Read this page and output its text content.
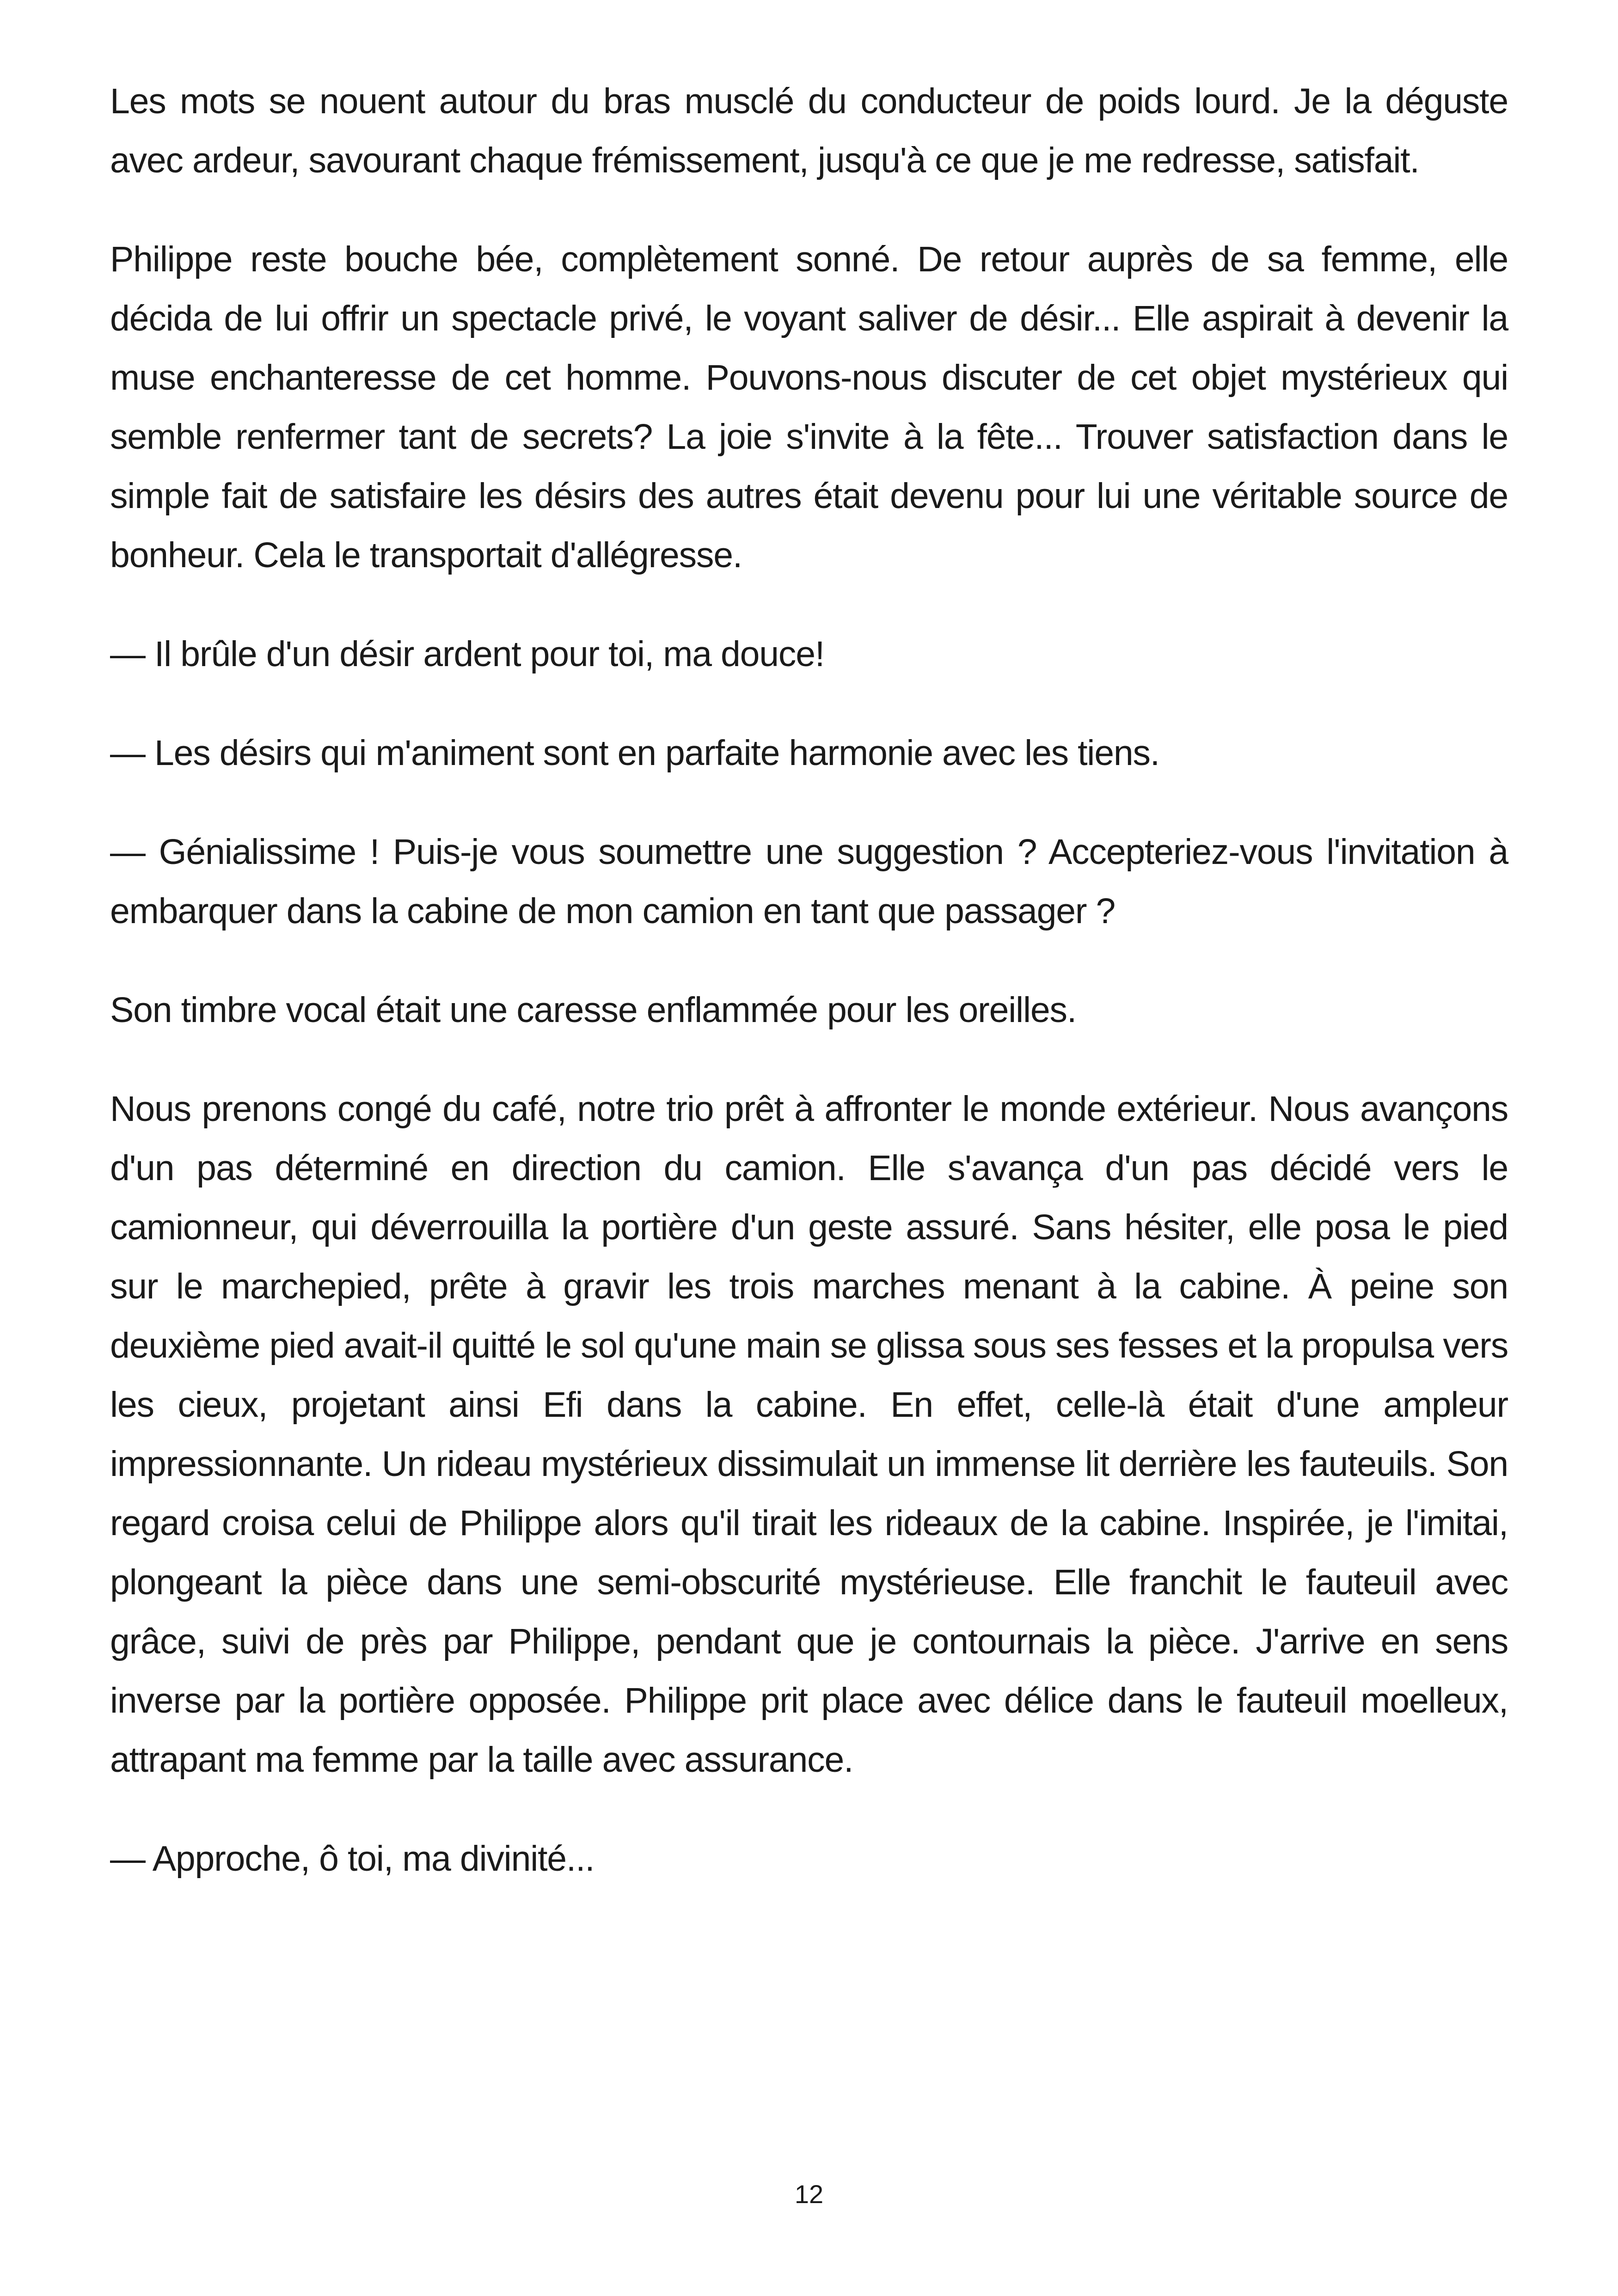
Les mots se nouent autour du bras musclé du conducteur de poids lourd. Je la déguste avec ardeur, savourant chaque frémissement, jusqu'à ce que je me redresse, satisfait.

Philippe reste bouche bée, complètement sonné. De retour auprès de sa femme, elle décida de lui offrir un spectacle privé, le voyant saliver de désir... Elle aspirait à devenir la muse enchanteresse de cet homme. Pouvons-nous discuter de cet objet mystérieux qui semble renfermer tant de secrets? La joie s'invite à la fête... Trouver satisfaction dans le simple fait de satisfaire les désirs des autres était devenu pour lui une véritable source de bonheur. Cela le transportait d'allégresse.

— Il brûle d'un désir ardent pour toi, ma douce!

— Les désirs qui m'animent sont en parfaite harmonie avec les tiens.

— Génialissime ! Puis-je vous soumettre une suggestion ? Accepteriez-vous l'invitation à embarquer dans la cabine de mon camion en tant que passager ?

Son timbre vocal était une caresse enflammée pour les oreilles.

Nous prenons congé du café, notre trio prêt à affronter le monde extérieur. Nous avançons d'un pas déterminé en direction du camion. Elle s'avança d'un pas décidé vers le camionneur, qui déverrouilla la portière d'un geste assuré. Sans hésiter, elle posa le pied sur le marchepied, prête à gravir les trois marches menant à la cabine. À peine son deuxième pied avait-il quitté le sol qu'une main se glissa sous ses fesses et la propulsa vers les cieux, projetant ainsi Efi dans la cabine. En effet, celle-là était d'une ampleur impressionnante. Un rideau mystérieux dissimulait un immense lit derrière les fauteuils. Son regard croisa celui de Philippe alors qu'il tirait les rideaux de la cabine. Inspirée, je l'imitai, plongeant la pièce dans une semi-obscurité mystérieuse. Elle franchit le fauteuil avec grâce, suivi de près par Philippe, pendant que je contournais la pièce. J'arrive en sens inverse par la portière opposée. Philippe prit place avec délice dans le fauteuil moelleux, attrapant ma femme par la taille avec assurance.

— Approche, ô toi, ma divinité...

12
